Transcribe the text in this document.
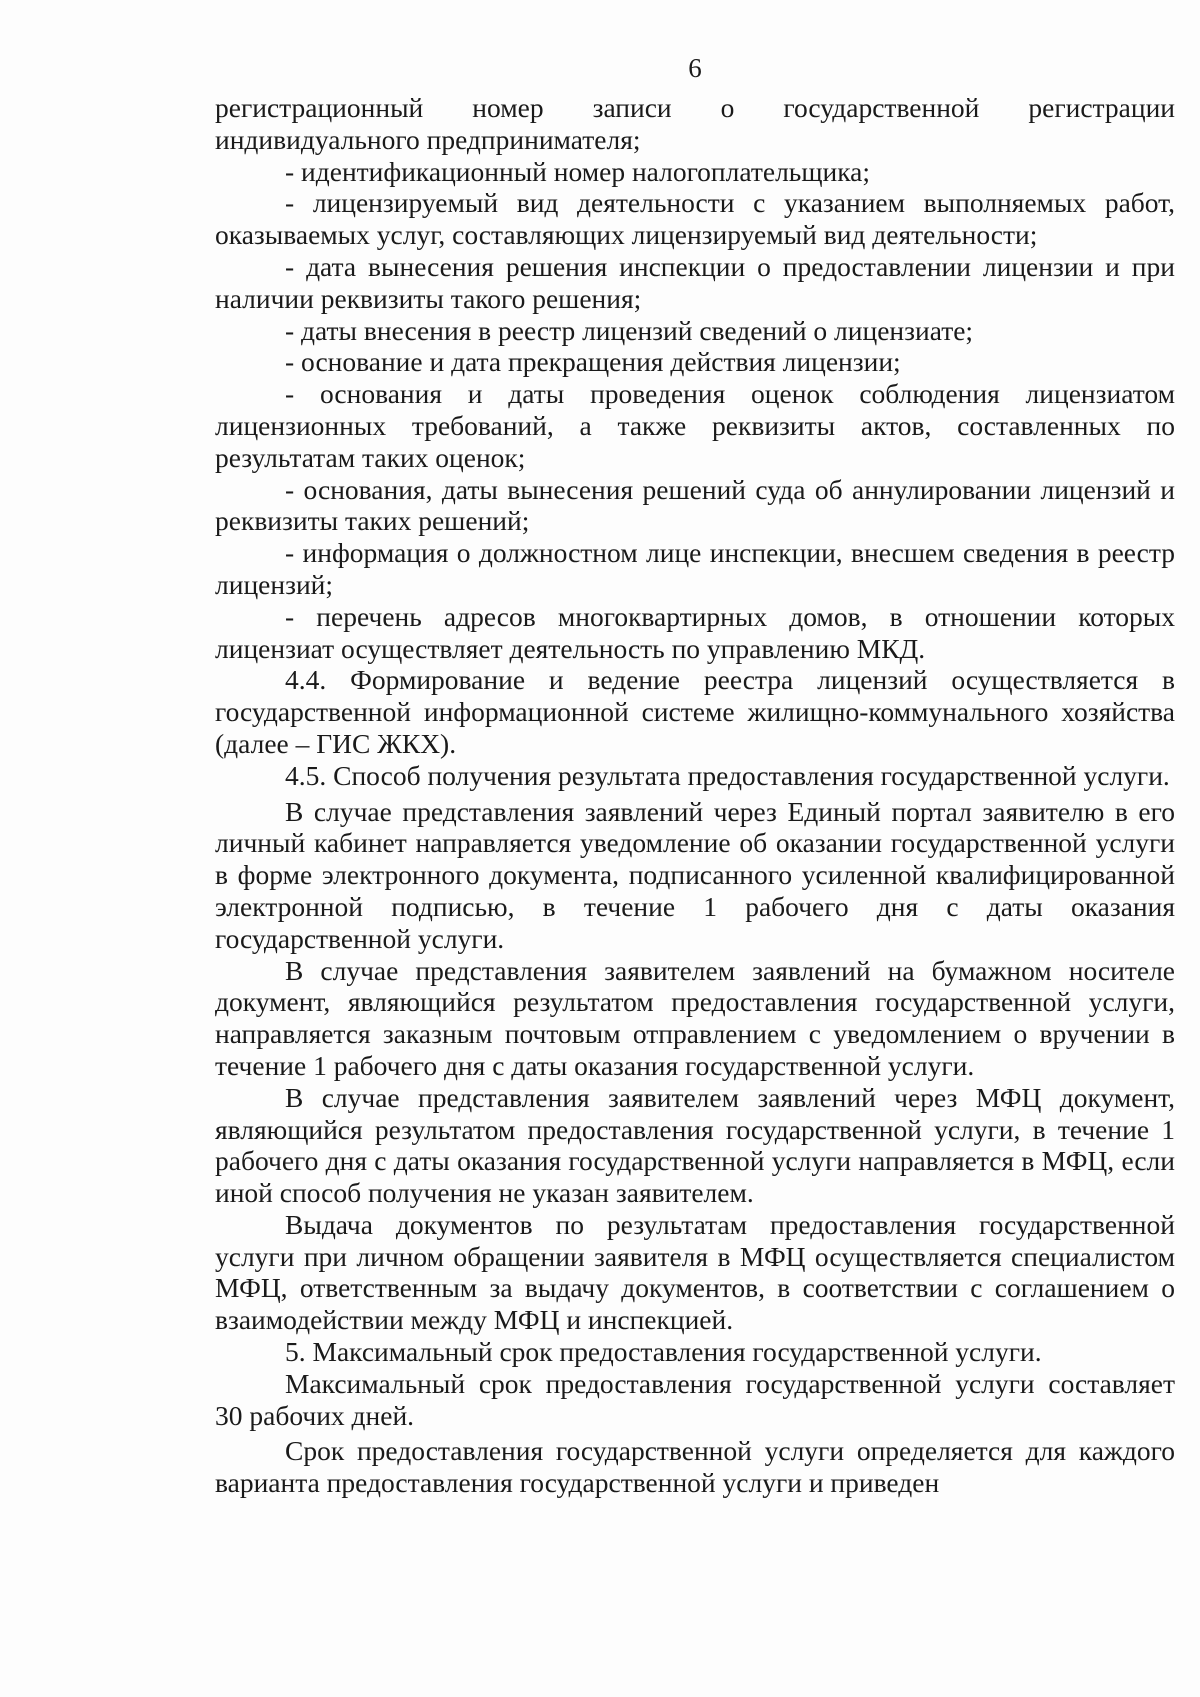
6

регистрационный номер записи о государственной регистрации индивидуального предпринимателя;

- идентификационный номер налогоплательщика;

- лицензируемый вид деятельности с указанием выполняемых работ, оказываемых услуг, составляющих лицензируемый вид деятельности;

- дата вынесения решения инспекции о предоставлении лицензии и при наличии реквизиты такого решения;

- даты внесения в реестр лицензий сведений о лицензиате;

- основание и дата прекращения действия лицензии;

- основания и даты проведения оценок соблюдения лицензиатом лицензионных требований, а также реквизиты актов, составленных по результатам таких оценок;

- основания, даты вынесения решений суда об аннулировании лицензий и реквизиты таких решений;

- информация о должностном лице инспекции, внесшем сведения в реестр лицензий;

- перечень адресов многоквартирных домов, в отношении которых лицензиат осуществляет деятельность по управлению МКД.

4.4. Формирование и ведение реестра лицензий осуществляется в государственной информационной системе жилищно-коммунального хозяйства (далее – ГИС ЖКХ).

4.5. Способ получения результата предоставления государственной услуги.

В случае представления заявлений через Единый портал заявителю в его личный кабинет направляется уведомление об оказании государственной услуги в форме электронного документа, подписанного усиленной квалифицированной электронной подписью, в течение 1 рабочего дня с даты оказания государственной услуги.

В случае представления заявителем заявлений на бумажном носителе документ, являющийся результатом предоставления государственной услуги, направляется заказным почтовым отправлением с уведомлением о вручении в течение 1 рабочего дня с даты оказания государственной услуги.

В случае представления заявителем заявлений через МФЦ документ, являющийся результатом предоставления государственной услуги, в течение 1 рабочего дня с даты оказания государственной услуги направляется в МФЦ, если иной способ получения не указан заявителем.

Выдача документов по результатам предоставления государственной услуги при личном обращении заявителя в МФЦ осуществляется специалистом МФЦ, ответственным за выдачу документов, в соответствии с соглашением о взаимодействии между МФЦ и инспекцией.

5. Максимальный срок предоставления государственной услуги.

Максимальный срок предоставления государственной услуги составляет 30 рабочих дней.

Срок предоставления государственной услуги определяется для каждого варианта предоставления государственной услуги и приведен
